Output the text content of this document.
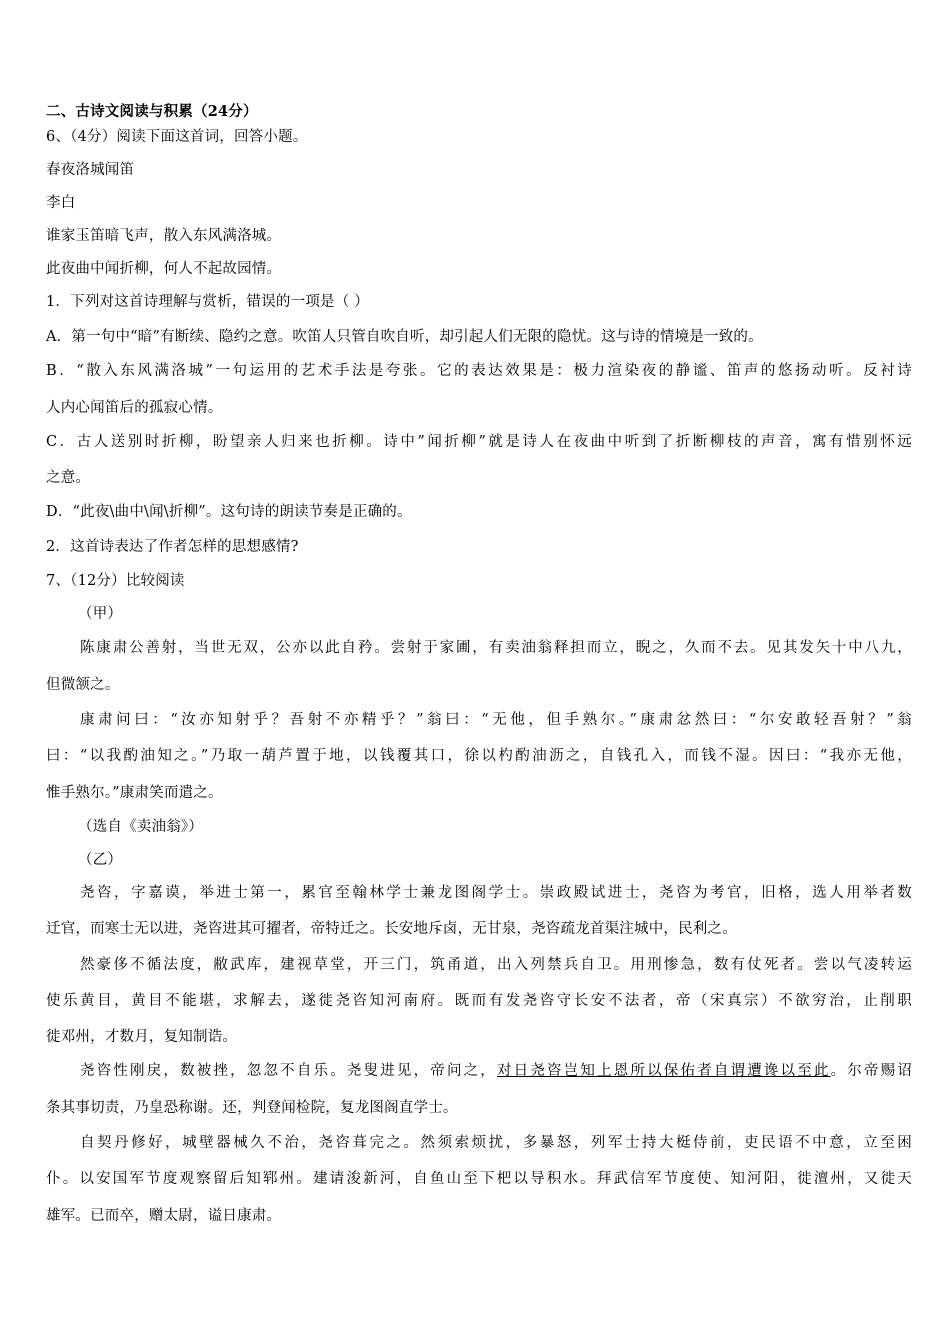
二、古诗文阅读与积累（24分）
6、（4分）阅读下面这首词，回答小题。
春夜洛城闻笛
李白
谁家玉笛暗飞声，散入东风满洛城。
此夜曲中闻折柳，何人不起故园情。
1．下列对这首诗理解与赏析，错误的一项是（ ）
A．第一句中“暗”有断续、隐约之意。吹笛人只管自吹自听，却引起人们无限的隐忧。这与诗的情境是一致的。
B．“散入东风满洛城”一句运用的艺术手法是夸张。它的表达效果是：极力渲染夜的静谧、笛声的悠扬动听。反衬诗
人内心闻笛后的孤寂心情。
C．古人送别时折柳，盼望亲人归来也折柳。诗中”闻折柳”就是诗人在夜曲中听到了折断柳枝的声音，寓有惜别怀远
之意。
D．“此夜\曲中\闻\折柳”。这句诗的朗读节奏是正确的。
2．这首诗表达了作者怎样的思想感情?
7、（12分）比较阅读
（甲）
陈康肃公善射，当世无双，公亦以此自矜。尝射于家圃，有卖油翁释担而立，睨之，久而不去。见其发矢十中八九，
但微颔之。
康肃问曰：“汝亦知射乎？吾射不亦精乎？”翁曰：“无他，但手熟尔。”康肃忿然曰：“尔安敢轻吾射？”翁
曰：“以我酌油知之。”乃取一葫芦置于地，以钱覆其口，徐以杓酌油沥之，自钱孔入，而钱不湿。因曰：“我亦无他，
惟手熟尔。”康肃笑而遣之。
（选自《卖油翁》）
（乙）
尧咨，字嘉谟，举进士第一，累官至翰林学士兼龙图阁学士。崇政殿试进士，尧咨为考官，旧格，选人用举者数
迁官，而寒士无以进，尧咨进其可擢者，帝特迁之。长安地斥卤，无甘泉，尧咨疏龙首渠注城中，民利之。
然豪侈不循法度，敝武库，建视草堂，开三门，筑甬道，出入列禁兵自卫。用刑惨急，数有仗死者。尝以气凌转运
使乐黄目，黄目不能堪，求解去，遂徙尧咨知河南府。既而有发尧咨守长安不法者，帝（宋真宗）不欲穷治，止削职
徙邓州，才数月，复知制诰。
尧咨性刚戾，数被挫，忽忽不自乐。尧叟进见，帝问之，对日尧咨岂知上恩所以保佑者自谓遭谗以至此。尔帝赐诏
条其事切责，乃皇恐称谢。还，判登闻检院，复龙图阁直学士。
自契丹修好，城壁器械久不治，尧咨葺完之。然须索烦扰，多暴怒，列军士持大梃侍前，吏民语不中意，立至困
仆。以安国军节度观察留后知郓州。建请浚新河，自鱼山至下杷以导积水。拜武信军节度使、知河阳，徙澶州，又徙天
雄军。已而卒，赠太尉，谥日康肃。
